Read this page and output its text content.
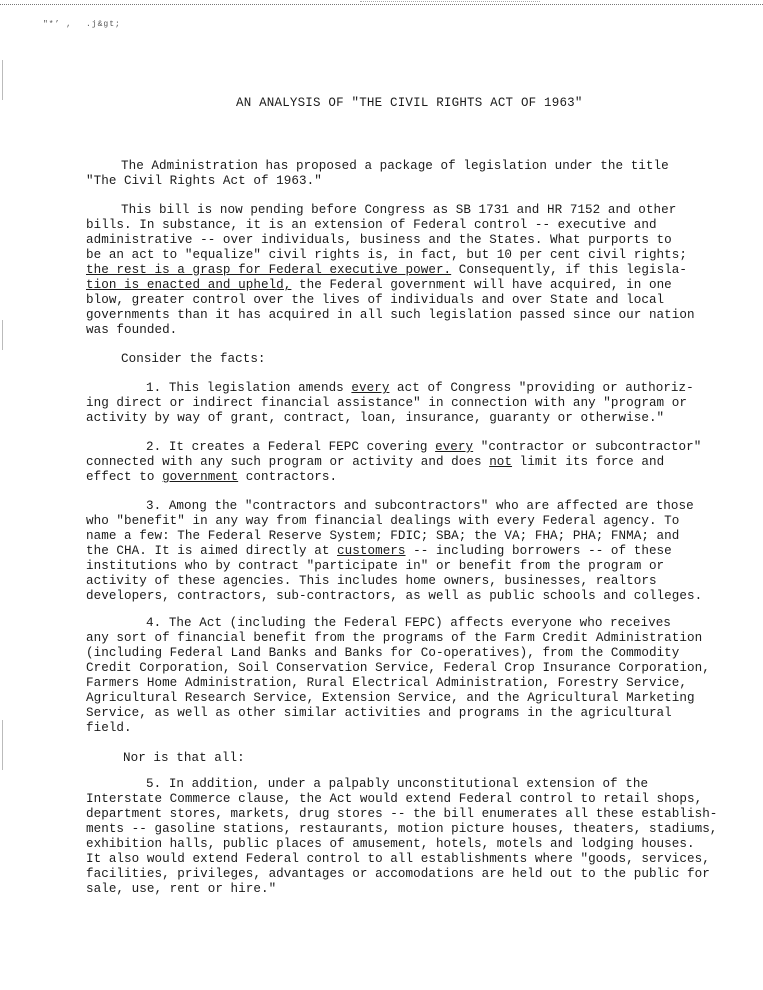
"*’ , .j&gt;
AN ANALYSIS OF "THE CIVIL RIGHTS ACT OF 1963"
The Administration has proposed a package of legislation under the title
"The Civil Rights Act of 1963."
This bill is now pending before Congress as SB 1731 and HR 7152 and other
bills. In substance, it is an extension of Federal control -- executive and
administrative -- over individuals, business and the States. What purports to
be an act to "equalize" civil rights is, in fact, but 10 per cent civil rights;
the rest is a grasp for Federal executive power. Consequently, if this legisla-
tion is enacted and upheld, the Federal government will have acquired, in one
blow, greater control over the lives of individuals and over State and local
governments than it has acquired in all such legislation passed since our nation
was founded.
Consider the facts:
1. This legislation amends every act of Congress "providing or authoriz-
ing direct or indirect financial assistance" in connection with any "program or
activity by way of grant, contract, loan, insurance, guaranty or otherwise."
2. It creates a Federal FEPC covering every "contractor or subcontractor"
connected with any such program or activity and does not limit its force and
effect to government contractors.
3. Among the "contractors and subcontractors" who are affected are those
who "benefit" in any way from financial dealings with every Federal agency. To
name a few: The Federal Reserve System; FDIC; SBA; the VA; FHA; PHA; FNMA; and
the CHA. It is aimed directly at customers -- including borrowers -- of these
institutions who by contract "participate in" or benefit from the program or
activity of these agencies. This includes home owners, businesses, realtors
developers, contractors, sub-contractors, as well as public schools and colleges.
4. The Act (including the Federal FEPC) affects everyone who receives
any sort of financial benefit from the programs of the Farm Credit Administration
(including Federal Land Banks and Banks for Co-operatives), from the Commodity
Credit Corporation, Soil Conservation Service, Federal Crop Insurance Corporation,
Farmers Home Administration, Rural Electrical Administration, Forestry Service,
Agricultural Research Service, Extension Service, and the Agricultural Marketing
Service, as well as other similar activities and programs in the agricultural
field.
Nor is that all:
5. In addition, under a palpably unconstitutional extension of the
Interstate Commerce clause, the Act would extend Federal control to retail shops,
department stores, markets, drug stores -- the bill enumerates all these establish-
ments -- gasoline stations, restaurants, motion picture houses, theaters, stadiums,
exhibition halls, public places of amusement, hotels, motels and lodging houses.
It also would extend Federal control to all establishments where "goods, services,
facilities, privileges, advantages or accomodations are held out to the public for
sale, use, rent or hire."
